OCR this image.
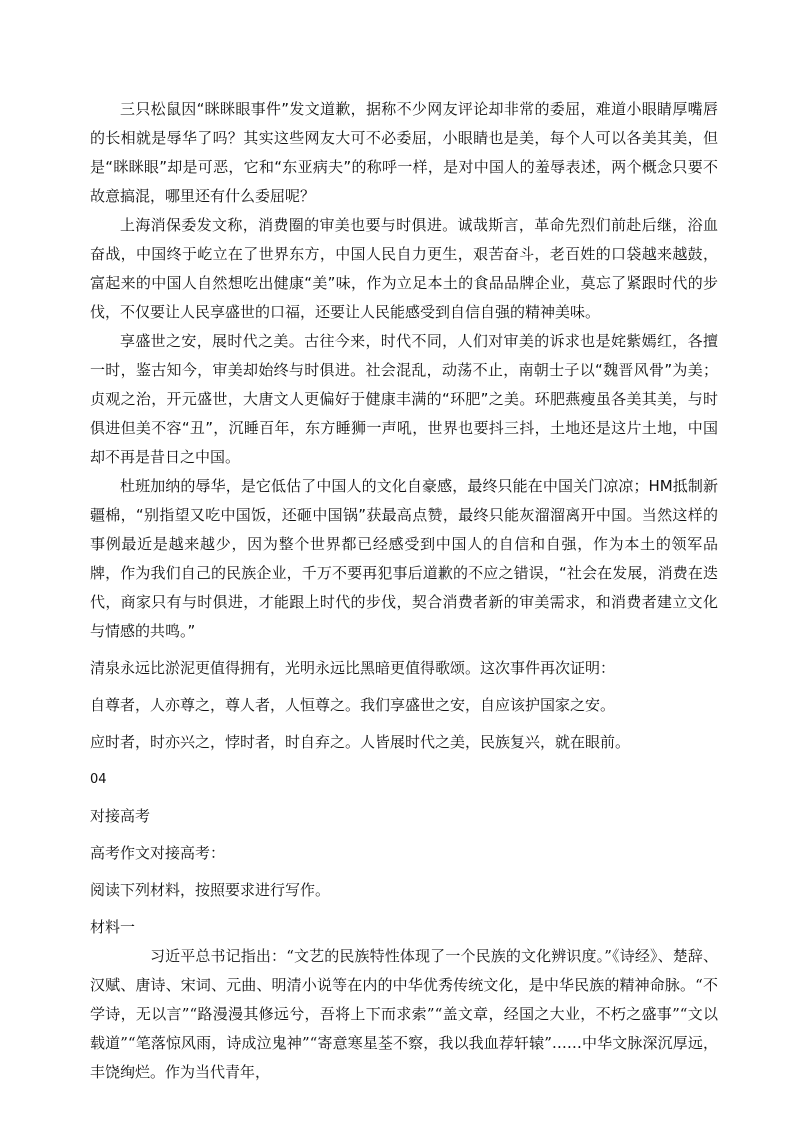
三只松鼠因“眯眯眼事件”发文道歉，据称不少网友评论却非常的委屈，难道小眼睛厚嘴唇的长相就是辱华了吗？其实这些网友大可不必委屈，小眼睛也是美，每个人可以各美其美，但是“眯眯眼”却是可恶，它和“东亚病夫”的称呼一样，是对中国人的羞辱表述，两个概念只要不故意搞混，哪里还有什么委屈呢？

上海消保委发文称，消费圈的审美也要与时俱进。诚哉斯言，革命先烈们前赴后继，浴血奋战，中国终于屹立在了世界东方，中国人民自力更生，艰苦奋斗，老百姓的口袋越来越鼓，富起来的中国人自然想吃出健康“美”味，作为立足本土的食品品牌企业，莫忘了紧跟时代的步伐，不仅要让人民享盛世的口福，还要让人民能感受到自信自强的精神美味。

享盛世之安，展时代之美。古往今来，时代不同，人们对审美的诉求也是姹紫嫣红，各擅一时，鉴古知今，审美却始终与时俱进。社会混乱，动荡不止，南朝士子以“魏晋风骨”为美；贞观之治，开元盛世，大唐文人更偏好于健康丰满的“环肥”之美。环肥燕瘦虽各美其美，与时俱进但美不容“丑”，沉睡百年，东方睡狮一声吼，世界也要抖三抖，土地还是这片土地，中国却不再是昔日之中国。

杜班加纳的辱华，是它低估了中国人的文化自豪感，最终只能在中国关门凉凉；HM抵制新疆棉，“别指望又吃中国饭，还砸中国锅”获最高点赞，最终只能灰溜溜离开中国。当然这样的事例最近是越来越少，因为整个世界都已经感受到中国人的自信和自强，作为本土的领军品牌，作为我们自己的民族企业，千万不要再犯事后道歉的不应之错误，“社会在发展，消费在迭代，商家只有与时俱进，才能跟上时代的步伐，契合消费者新的审美需求，和消费者建立文化与情感的共鸣。”

清泉永远比淤泥更值得拥有，光明永远比黑暗更值得歌颂。这次事件再次证明：

自尊者，人亦尊之，尊人者，人恒尊之。我们享盛世之安，自应该护国家之安。

应时者，时亦兴之，悖时者，时自弃之。人皆展时代之美，民族复兴，就在眼前。

04

对接高考

高考作文对接高考：

阅读下列材料，按照要求进行写作。

材料一

习近平总书记指出：“文艺的民族特性体现了一个民族的文化辨识度。”《诗经》、楚辞、汉赋、唐诗、宋词、元曲、明清小说等在内的中华优秀传统文化，是中华民族的精神命脉。“不学诗，无以言”“路漫漫其修远兮，吾将上下而求索”“盖文章，经国之大业，不朽之盛事”“文以载道”“笔落惊风雨，诗成泣鬼神”“寄意寒星荃不察，我以我血荐轩辕”……中华文脉深沉厚远，丰饶绚烂。作为当代青年，
